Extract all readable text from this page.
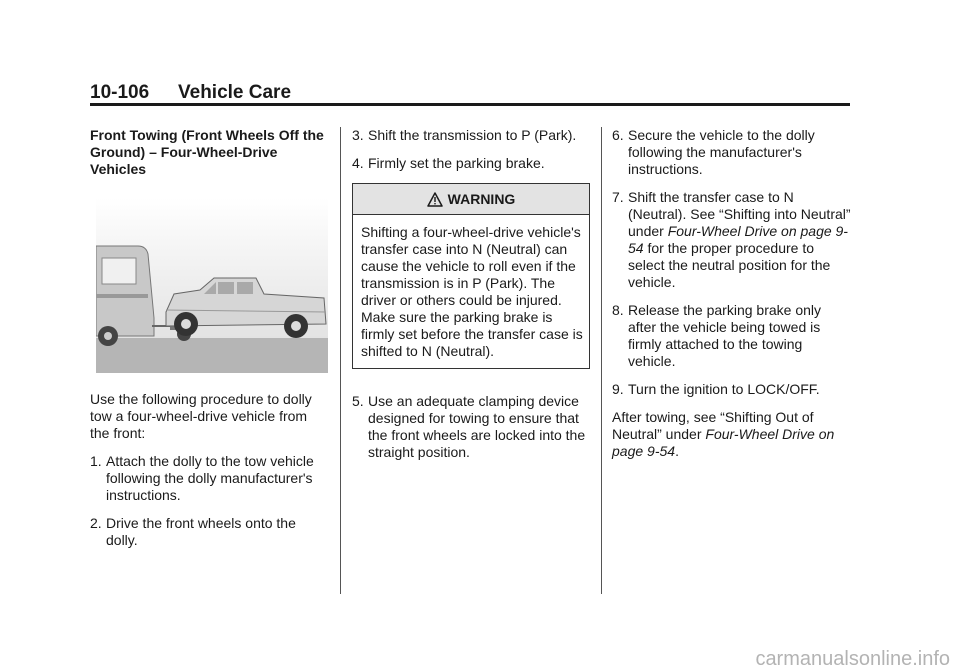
10-106	Vehicle Care

Front Towing (Front Wheels Off the Ground) – Four-Wheel-Drive Vehicles

Use the following procedure to dolly tow a four-wheel-drive vehicle from the front:

1. Attach the dolly to the tow vehicle following the dolly manufacturer's instructions.
2. Drive the front wheels onto the dolly.
3. Shift the transmission to P (Park).
4. Firmly set the parking brake.
WARNING
Shifting a four-wheel-drive vehicle's transfer case into N (Neutral) can cause the vehicle to roll even if the transmission is in P (Park). The driver or others could be injured. Make sure the parking brake is firmly set before the transfer case is shifted to N (Neutral).
5. Use an adequate clamping device designed for towing to ensure that the front wheels are locked into the straight position.
6. Secure the vehicle to the dolly following the manufacturer's instructions.
7. Shift the transfer case to N (Neutral). See “Shifting into Neutral” under Four-Wheel Drive on page 9-54 for the proper procedure to select the neutral position for the vehicle.
8. Release the parking brake only after the vehicle being towed is firmly attached to the towing vehicle.
9. Turn the ignition to LOCK/OFF.

After towing, see “Shifting Out of Neutral” under Four-Wheel Drive on page 9-54.

carmanualsonline.info
